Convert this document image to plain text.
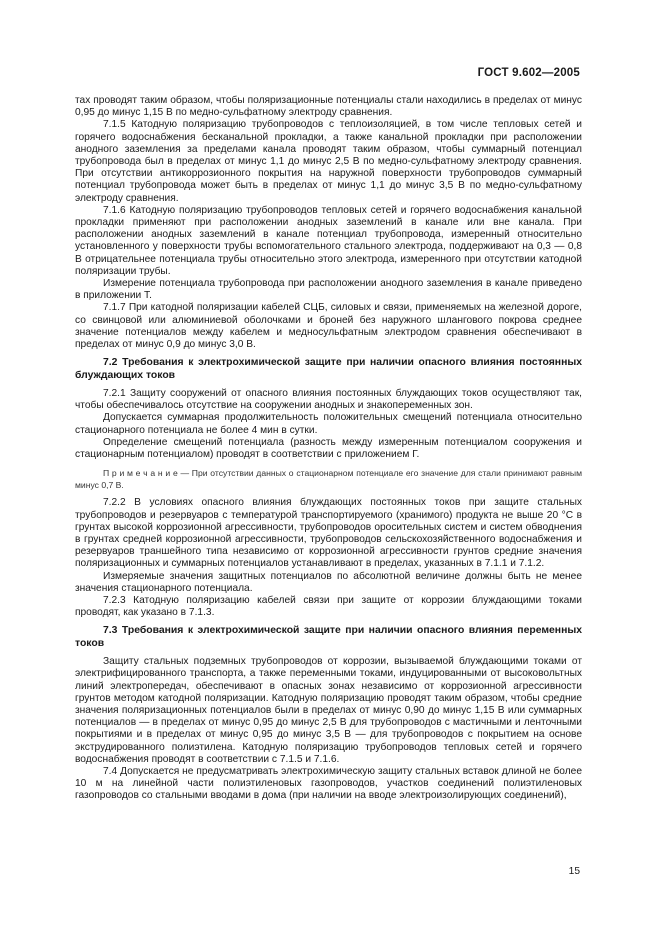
ГОСТ 9.602—2005

тах проводят таким образом, чтобы поляризационные потенциалы стали находились в пределах от минус 0,95 до минус 1,15 В по медно-сульфатному электроду сравнения.

7.1.5 Катодную поляризацию трубопроводов с теплоизоляцией, в том числе тепловых сетей и горячего водоснабжения бесканальной прокладки, а также канальной прокладки при расположении анодного заземления за пределами канала проводят таким образом, чтобы суммарный потенциал трубопровода был в пределах от минус 1,1 до минус 2,5 В по медно-сульфатному электроду сравнения. При отсутствии антикоррозионного покрытия на наружной поверхности трубопроводов суммарный потенциал трубопровода может быть в пределах от минус 1,1 до минус 3,5 В по медно-сульфатному электроду сравнения.

7.1.6 Катодную поляризацию трубопроводов тепловых сетей и горячего водоснабжения канальной прокладки применяют при расположении анодных заземлений в канале или вне канала. При расположении анодных заземлений в канале потенциал трубопровода, измеренный относительно установленного у поверхности трубы вспомогательного стального электрода, поддерживают на 0,3 — 0,8 В отрицательнее потенциала трубы относительно этого электрода, измеренного при отсутствии катодной поляризации трубы.

Измерение потенциала трубопровода при расположении анодного заземления в канале приведено в приложении Т.

7.1.7 При катодной поляризации кабелей СЦБ, силовых и связи, применяемых на железной дороге, со свинцовой или алюминиевой оболочками и броней без наружного шлангового покрова среднее значение потенциалов между кабелем и медносульфатным электродом сравнения обеспечивают в пределах от минус 0,9 до минус 3,0 В.

7.2 Требования к электрохимической защите при наличии опасного влияния постоянных блуждающих токов

7.2.1 Защиту сооружений от опасного влияния постоянных блуждающих токов осуществляют так, чтобы обеспечивалось отсутствие на сооружении анодных и знакопеременных зон.

Допускается суммарная продолжительность положительных смещений потенциала относительно стационарного потенциала не более 4 мин в сутки.

Определение смещений потенциала (разность между измеренным потенциалом сооружения и стационарным потенциалом) проводят в соответствии с приложением Г.

П р и м е ч а н и е — При отсутствии данных о стационарном потенциале его значение для стали принимают равным минус 0,7 В.

7.2.2 В условиях опасного влияния блуждающих постоянных токов при защите стальных трубопроводов и резервуаров с температурой транспортируемого (хранимого) продукта не выше 20 °С в грунтах высокой коррозионной агрессивности, трубопроводов оросительных систем и систем обводнения в грунтах средней коррозионной агрессивности, трубопроводов сельскохозяйственного водоснабжения и резервуаров траншейного типа независимо от коррозионной агрессивности грунтов средние значения поляризационных и суммарных потенциалов устанавливают в пределах, указанных в 7.1.1 и 7.1.2.

Измеряемые значения защитных потенциалов по абсолютной величине должны быть не менее значения стационарного потенциала.

7.2.3 Катодную поляризацию кабелей связи при защите от коррозии блуждающими токами проводят, как указано в 7.1.3.

7.3 Требования к электрохимической защите при наличии опасного влияния переменных токов

Защиту стальных подземных трубопроводов от коррозии, вызываемой блуждающими токами от электрифицированного транспорта, а также переменными токами, индуцированными от высоковольтных линий электропередач, обеспечивают в опасных зонах независимо от коррозионной агрессивности грунтов методом катодной поляризации. Катодную поляризацию проводят таким образом, чтобы средние значения поляризационных потенциалов были в пределах от минус 0,90 до минус 1,15 В или суммарных потенциалов — в пределах от минус 0,95 до минус 2,5 В для трубопроводов с мастичными и ленточными покрытиями и в пределах от минус 0,95 до минус 3,5 В — для трубопроводов с покрытием на основе экструдированного полиэтилена. Катодную поляризацию трубопроводов тепловых сетей и горячего водоснабжения проводят в соответствии с 7.1.5 и 7.1.6.

7.4 Допускается не предусматривать электрохимическую защиту стальных вставок длиной не более 10 м на линейной части полиэтиленовых газопроводов, участков соединений полиэтиленовых газопроводов со стальными вводами в дома (при наличии на вводе электроизолирующих соединений),

15
